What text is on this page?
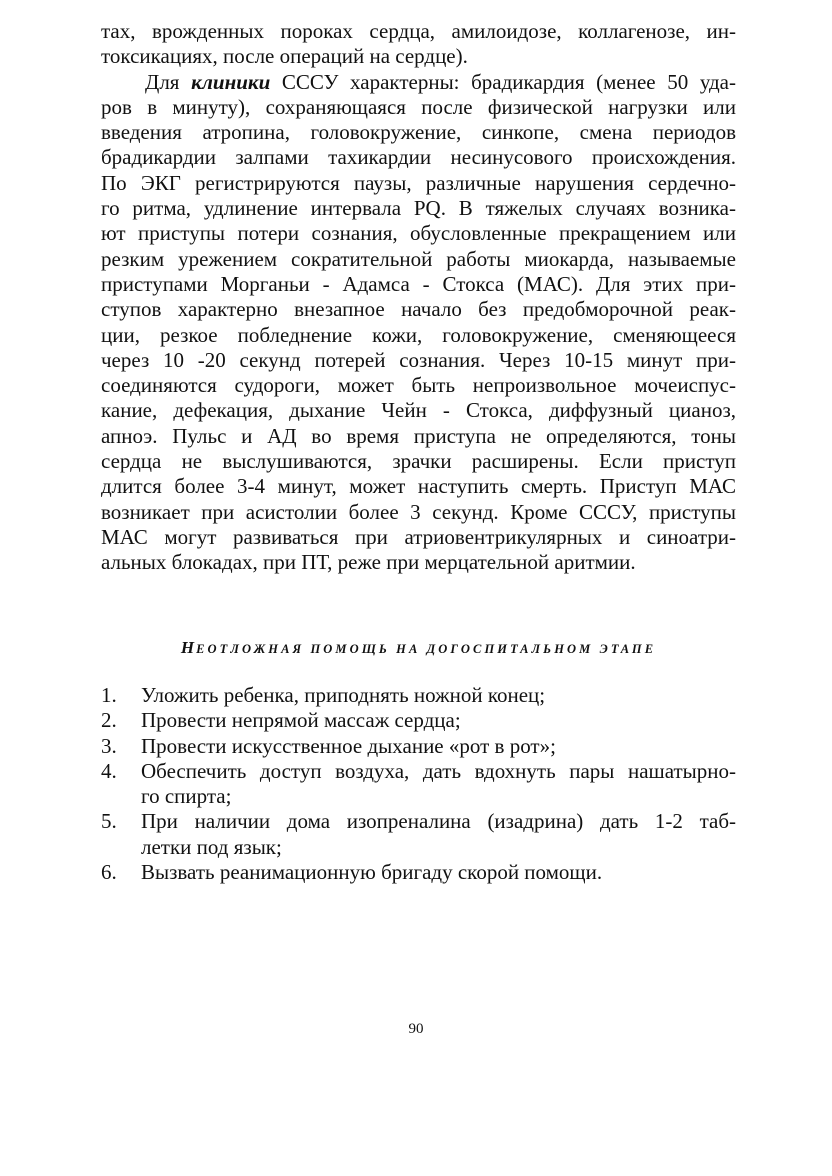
тах, врожденных пороках сердца, амилоидозе, коллагенозе, ин-
токсикациях, после операций на сердце).
Для клиники СССУ характерны: брадикардия (менее 50 уда-
ров в минуту), сохраняющаяся после физической нагрузки или
введения атропина, головокружение, синкопе, смена периодов
брадикардии залпами тахикардии несинусового происхождения.
По ЭКГ регистрируются паузы, различные нарушения сердечно-
го ритма, удлинение интервала PQ. В тяжелых случаях возника-
ют приступы потери сознания, обусловленные прекращением или
резким урежением сократительной работы миокарда, называемые
приступами Морганьи - Адамса - Стокса (МАС). Для этих при-
ступов характерно внезапное начало без предобморочной реак-
ции, резкое побледнение кожи, головокружение, сменяющееся
через 10 -20 секунд потерей сознания. Через 10-15 минут при-
соединяются судороги, может быть непроизвольное мочеиспус-
кание, дефекация, дыхание Чейн - Стокса, диффузный цианоз,
апноэ. Пульс и АД во время приступа не определяются, тоны
сердца не выслушиваются, зрачки расширены. Если приступ
длится более 3-4 минут, может наступить смерть. Приступ МАС
возникает при асистолии более 3 секунд. Кроме СССУ, приступы
МАС могут развиваться при атриовентрикулярных и синоатри-
альных блокадах, при ПТ, реже при мерцательной аритмии.
НЕОТЛОЖНАЯ ПОМОЩЬ НА ДОГОСПИТАЛЬНОМ ЭТАПЕ
1. Уложить ребенка, приподнять ножной конец;
2. Провести непрямой массаж сердца;
3. Провести искусственное дыхание «рот в рот»;
4. Обеспечить доступ воздуха, дать вдохнуть пары нашатырно-
го спирта;
5. При наличии дома изопреналина (изадрина) дать 1-2 таб-
летки под язык;
6. Вызвать реанимационную бригаду скорой помощи.
90
